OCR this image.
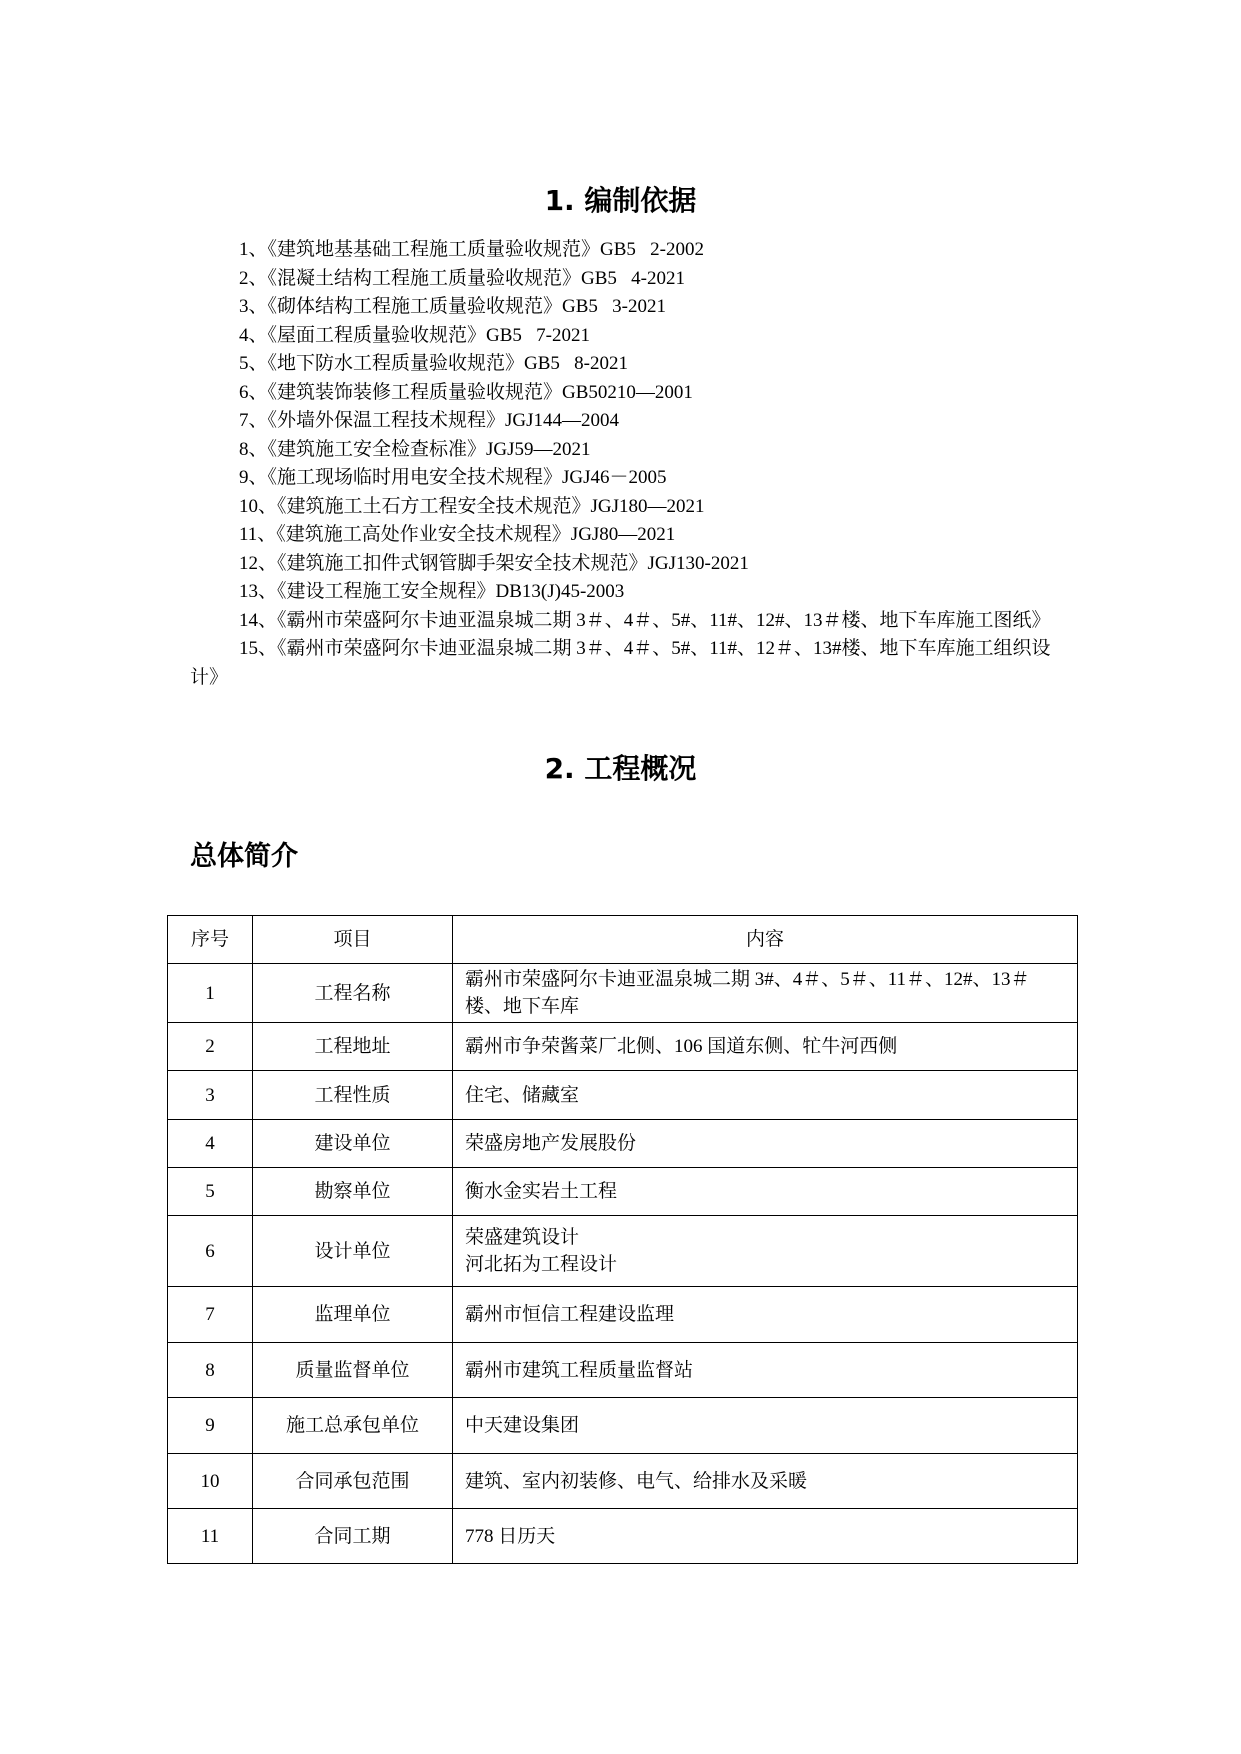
1. 编制依据
1、《建筑地基基础工程施工质量验收规范》GB5   2-2002
2、《混凝土结构工程施工质量验收规范》GB5   4-2021
3、《砌体结构工程施工质量验收规范》GB5   3-2021
4、《屋面工程质量验收规范》GB5   7-2021
5、《地下防水工程质量验收规范》GB5   8-2021
6、《建筑装饰装修工程质量验收规范》GB50210—2001
7、《外墙外保温工程技术规程》JGJ144—2004
8、《建筑施工安全检查标准》JGJ59—2021
9、《施工现场临时用电安全技术规程》JGJ46－2005
10、《建筑施工土石方工程安全技术规范》JGJ180—2021
11、《建筑施工高处作业安全技术规程》JGJ80—2021
12、《建筑施工扣件式钢管脚手架安全技术规范》JGJ130-2021
13、《建设工程施工安全规程》DB13(J)45-2003
14、《霸州市荣盛阿尔卡迪亚温泉城二期 3＃、4＃、5#、11#、12#、13＃楼、地下车库施工图纸》
15、《霸州市荣盛阿尔卡迪亚温泉城二期 3＃、4＃、5#、11#、12＃、13#楼、地下车库施工组织设计》
2. 工程概况
总体简介
序号	项目	内容
1	工程名称	霸州市荣盛阿尔卡迪亚温泉城二期 3#、4＃、5＃、11＃、12#、13＃楼、地下车库
2	工程地址	霸州市争荣酱菜厂北侧、106 国道东侧、牤牛河西侧
3	工程性质	住宅、储藏室
4	建设单位	荣盛房地产发展股份
5	勘察单位	衡水金实岩土工程
6	设计单位	荣盛建筑设计
河北拓为工程设计
7	监理单位	霸州市恒信工程建设监理
8	质量监督单位	霸州市建筑工程质量监督站
9	施工总承包单位	中天建设集团
10	合同承包范围	建筑、室内初装修、电气、给排水及采暖
11	合同工期	778 日历天
